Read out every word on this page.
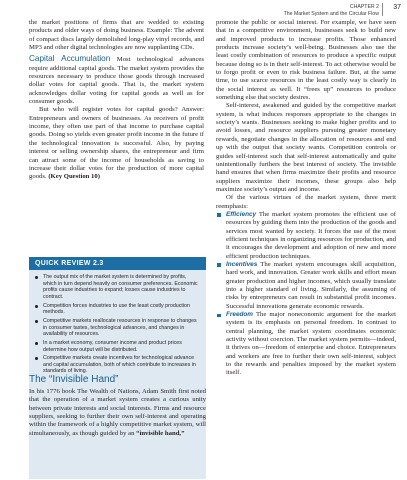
CHAPTER 2
The Market System and the Circular Flow
37

the market positions of firms that are wedded to existing products and older ways of doing business. Example: The advent of compact discs largely demolished long-play vinyl records, and MP3 and other digital technologies are now supplanting CDs.

Capital Accumulation Most technological advances require additional capital goods. The market system provides the resources necessary to produce those goods through increased dollar votes for capital goods. That is, the market system acknowledges dollar voting for capital goods as well as for consumer goods.

But who will register votes for capital goods? Answer: Entrepreneurs and owners of businesses. As receivers of profit income, they often use part of that income to purchase capital goods. Doing so yields even greater profit income in the future if the technological innovation is successful. Also, by paying interest or selling ownership shares, the entrepreneur and firm can attract some of the income of households as saving to increase their dollar votes for the production of more capital goods. (Key Question 10)

QUICK REVIEW 2.3
The output mix of the market system is determined by profits, which in turn depend heavily on consumer preferences. Economic profits cause industries to expand; losses cause industries to contract.
Competition forces industries to use the least costly production methods.
Competitive markets reallocate resources in response to changes in consumer tastes, technological advances, and changes in availability of resources.
In a market economy, consumer income and product prices determine how output will be distributed.
Competitive markets create incentives for technological advance and capital accumulation, both of which contribute to increases in standards of living.
The “Invisible Hand”

In his 1776 book The Wealth of Nations, Adam Smith first noted that the operation of a market system creates a curious unity between private interests and social interests. Firms and resource suppliers, seeking to further their own self-interest and operating within the framework of a highly competitive market system, will simultaneously, as though guided by an “invisible hand,”

promote the public or social interest. For example, we have seen that in a competitive environment, businesses seek to build new and improved products to increase profits. Those enhanced products increase society’s well-being. Businesses also use the least costly combination of resources to produce a specific output because doing so is in their self-interest. To act otherwise would be to forgo profit or even to risk business failure. But, at the same time, to use scarce resources in the least costly way is clearly in the social interest as well. It “frees up” resources to produce something else that society desires.

Self-interest, awakened and guided by the competitive market system, is what induces responses appropriate to the changes in society’s wants. Businesses seeking to make higher profits and to avoid losses, and resource suppliers pursuing greater monetary rewards, negotiate changes in the allocation of resources and end up with the output that society wants. Competition controls or guides self-interest such that self-interest automatically and quite unintentionally furthers the best interest of society. The invisible hand ensures that when firms maximize their profits and resource suppliers maximize their incomes, these groups also help maximize society’s output and income.

Of the various virtues of the market system, three merit reemphasis:

Efficiency The market system promotes the efficient use of resources by guiding them into the production of the goods and services most wanted by society. It forces the use of the most efficient techniques in organizing resources for production, and it encourages the development and adoption of new and more efficient production techniques.
Incentives The market system encourages skill acquisition, hard work, and innovation. Greater work skills and effort mean greater production and higher incomes, which usually translate into a higher standard of living. Similarly, the assuming of risks by entrepreneurs can result in substantial profit incomes. Successful innovations generate economic rewards.
Freedom The major noneconomic argument for the market system is its emphasis on personal freedom. In contrast to central planning, the market system coordinates economic activity without coercion. The market system permits—indeed, it thrives on—freedom of enterprise and choice. Entrepreneurs and workers are free to further their own self-interest, subject to the rewards and penalties imposed by the market system itself.
